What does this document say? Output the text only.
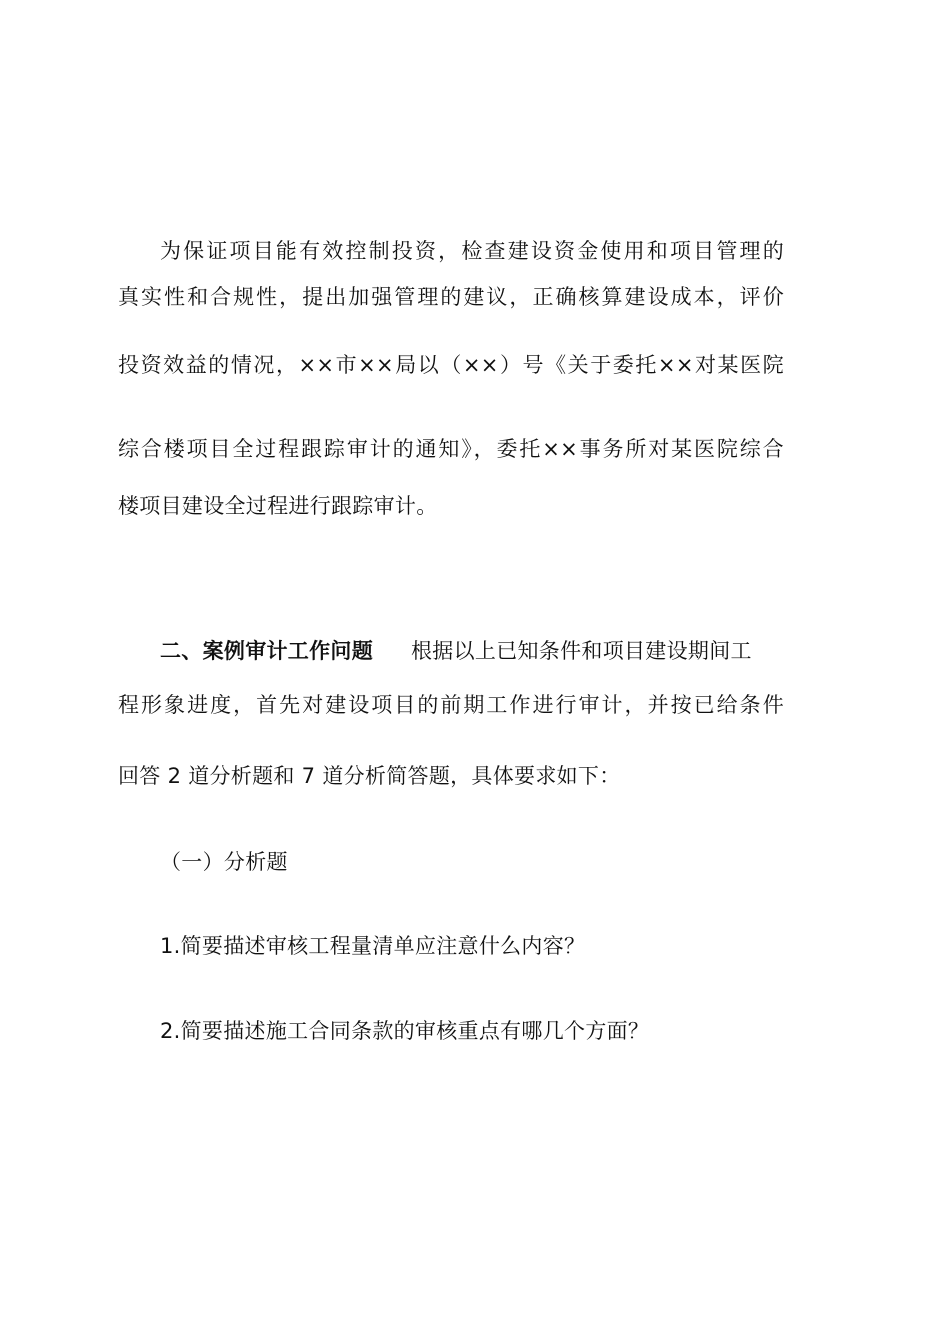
为保证项目能有效控制投资，检查建设资金使用和项目管理的
真实性和合规性，提出加强管理的建议，正确核算建设成本，评价
投资效益的情况，××市××局以（××）号《关于委托××对某医院
综合楼项目全过程跟踪审计的通知》，委托××事务所对某医院综合
楼项目建设全过程进行跟踪审计。
二、案例审计工作问题 根据以上已知条件和项目建设期间工
程形象进度，首先对建设项目的前期工作进行审计，并按已给条件
回答 2 道分析题和 7 道分析简答题，具体要求如下：
（一）分析题
1.简要描述审核工程量清单应注意什么内容？
2.简要描述施工合同条款的审核重点有哪几个方面？
